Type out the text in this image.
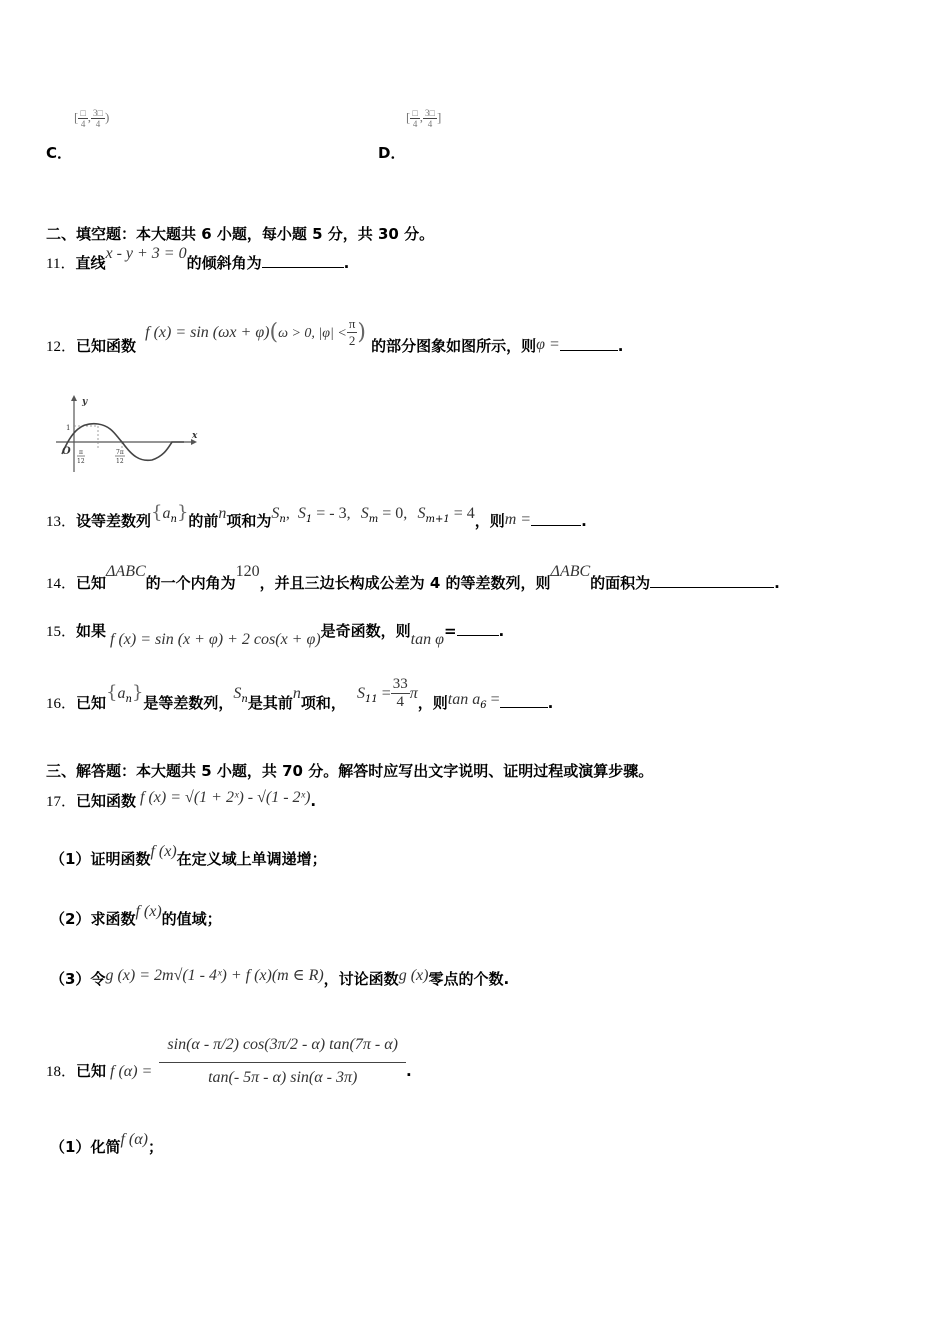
[ $\frac{□}{4}$ , $\frac{3□}{4}$ )
C．
[ $\frac{□}{4}$ , $\frac{3□}{4}$ ]
D．
二、填空题：本大题共 6 小题，每小题 5 分，共 30 分。
11．直线x - y + 3 = 0的倾斜角为	.
12．已知函数 f (x) = sin (ωx + φ)(ω > 0, $|\varphi| < \frac{\pi}{2}$ ) 的部分图象如图所示，则φ =	.
y
x
O
1
π
12
7π
12
13．设等差数列$\{a_n\}$的前n项和为$S_n$,  $S_1$ = - 3, $S_m = 0$, $S_{m+1} = 4$，则m =	.
14．已知ΔABC的一个内角为120，并且三边长构成公差为 4 的等差数列，则ΔABC的面积为	.
15．如果 f (x) = sin (x + φ) + 2 cos(x + φ)是奇函数，则tan φ=	.
16．已知$\{a_n\}$是等差数列，$S_n$是其前n项和， $S_{11} = \frac{33}{4}$ π，则$\tan a_6$ =	.
三、解答题：本大题共 5 小题，共 70 分。解答时应写出文字说明、证明过程或演算步骤。
17．已知函数 f (x) = √(1 + 2ˣ) - √(1 - 2ˣ).
（1）证明函数f (x)在定义域上单调递增；
（2）求函数f (x)的值域；
（3）令g (x) = 2m√(1 - 4ˣ) + f (x)(m ∈ R)，讨论函数g (x)零点的个数.
18．已知 f $(\alpha) = \frac{\sin(\alpha - \pi/2) \cos(3\pi/2 - \alpha) \tan(7\pi - \alpha)}{\tan(- 5\pi - \alpha) \sin(\alpha - 3\pi)}$ .
（1）化简f (α)；
